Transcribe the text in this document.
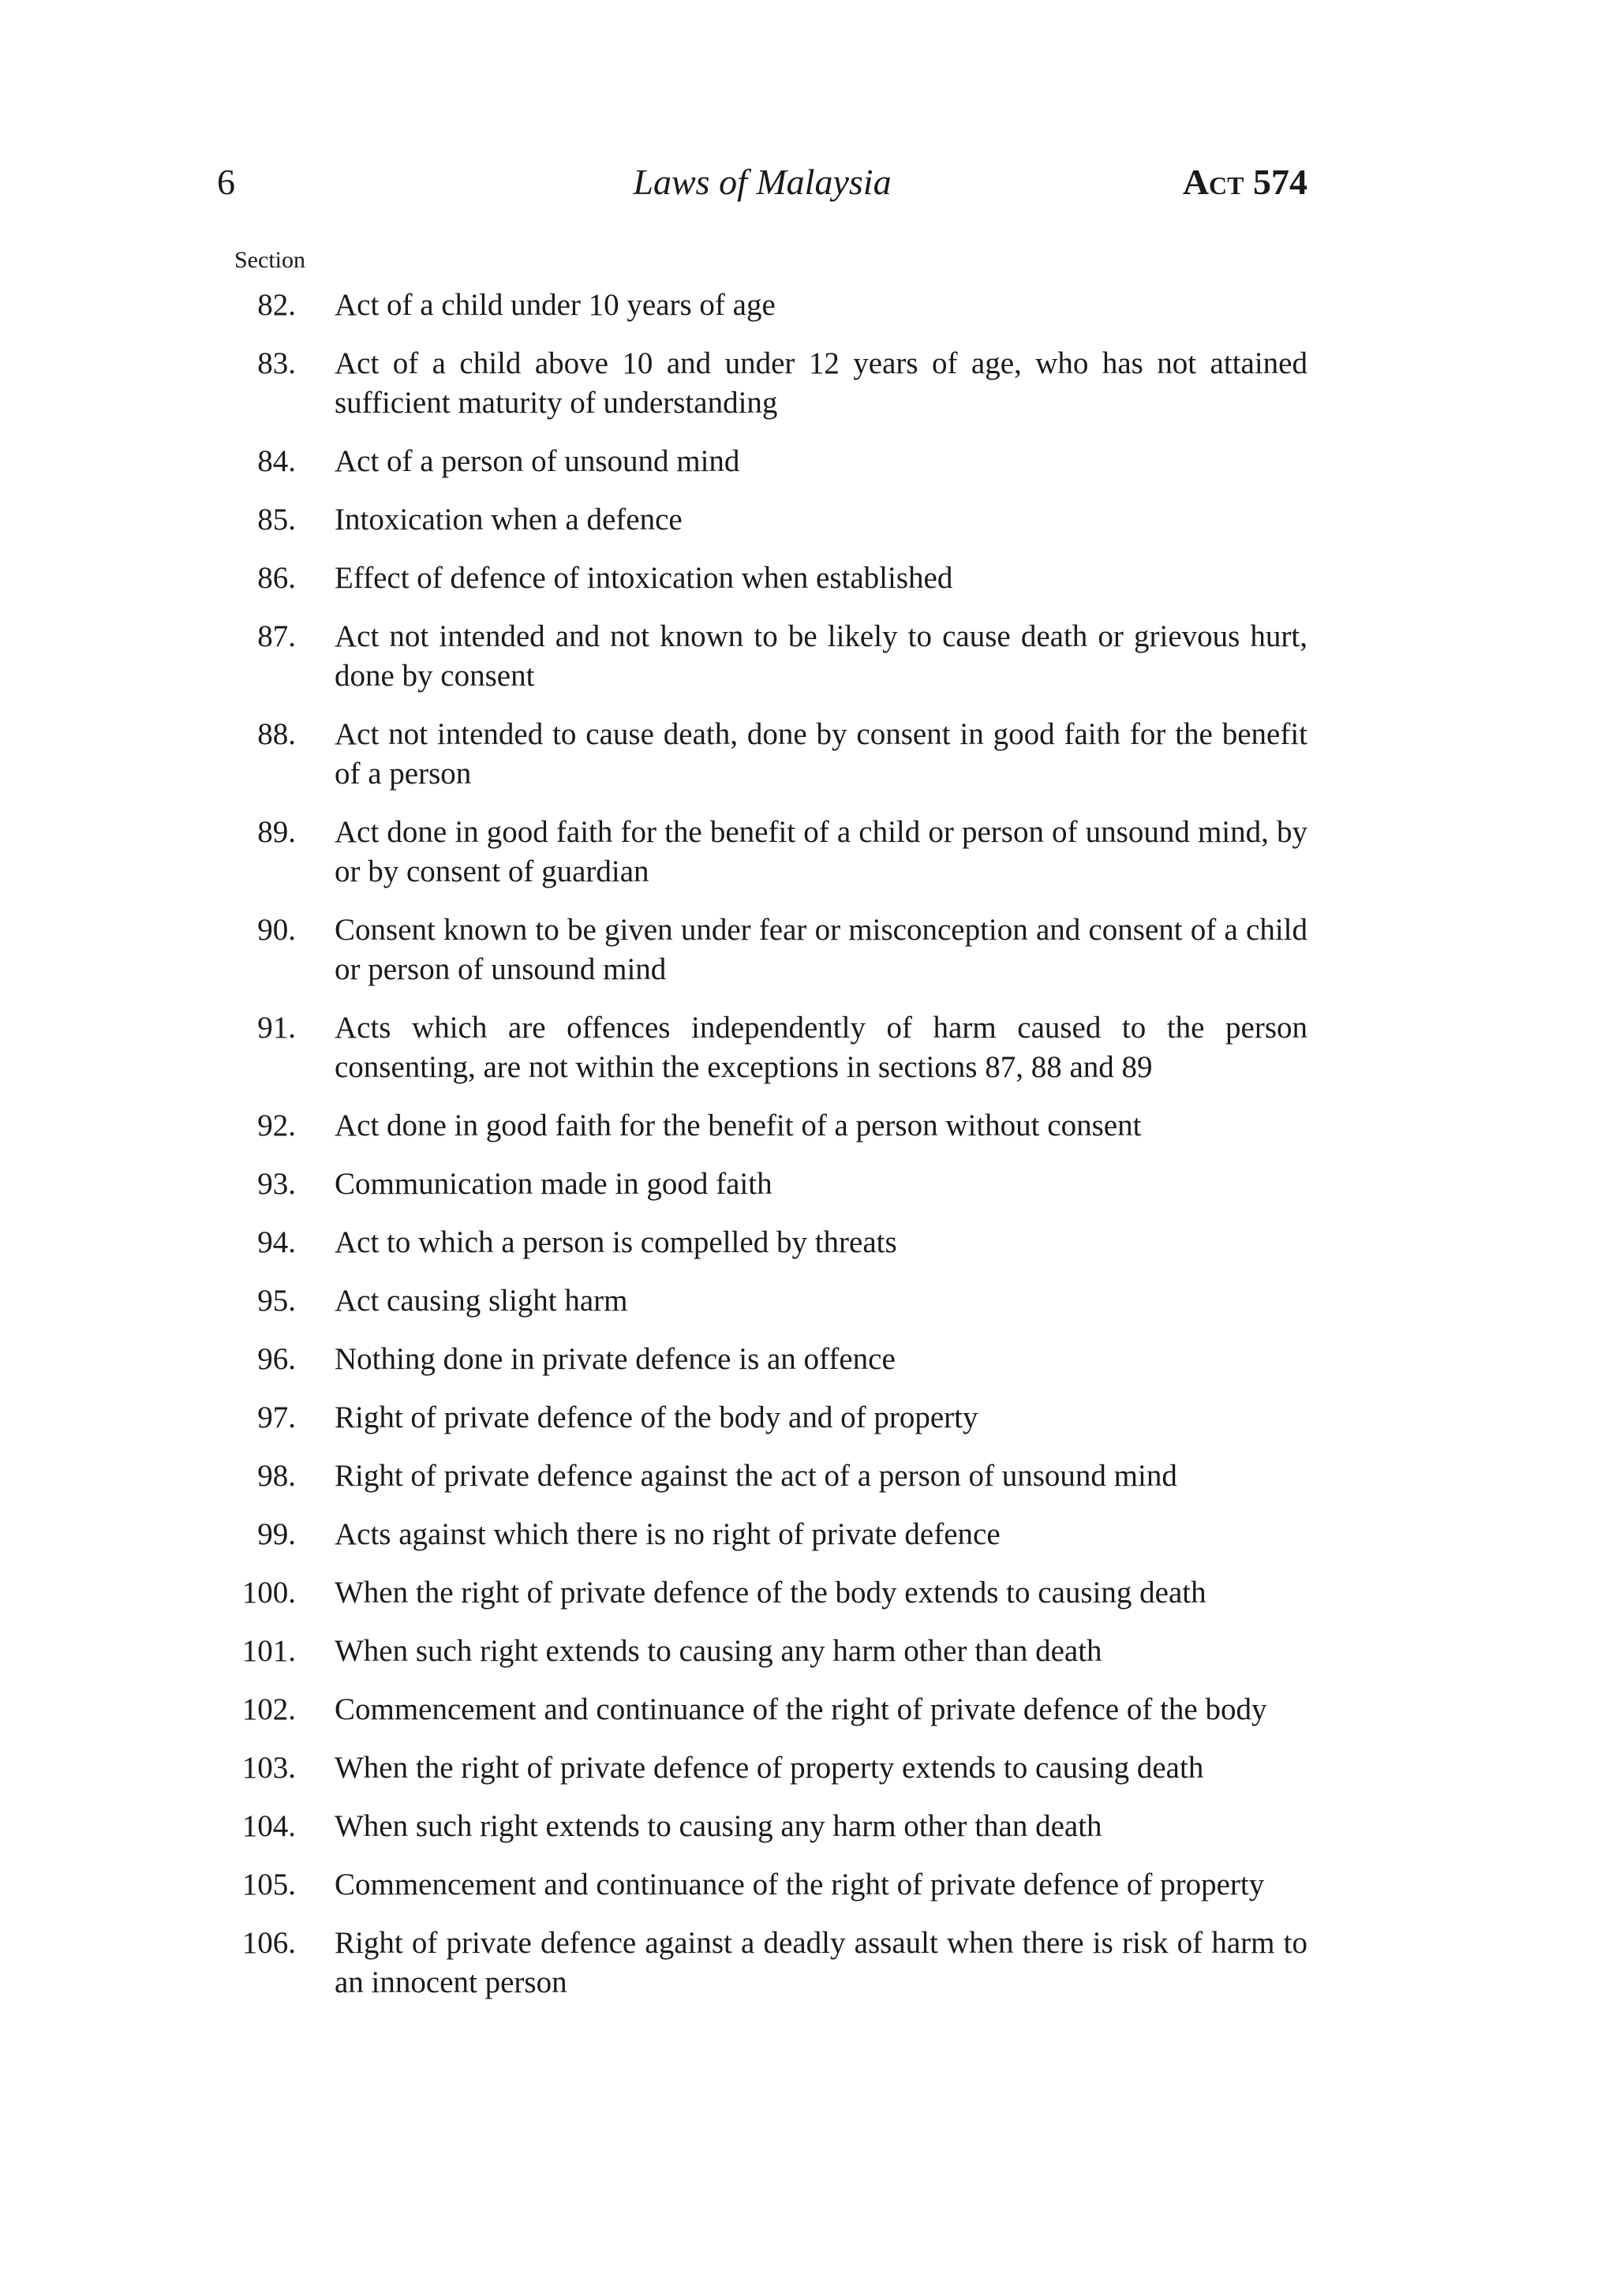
6	Laws of Malaysia	Act 574
Section
82. Act of a child under 10 years of age
83. Act of a child above 10 and under 12 years of age, who has not attained sufficient maturity of understanding
84. Act of a person of unsound mind
85. Intoxication when a defence
86. Effect of defence of intoxication when established
87. Act not intended and not known to be likely to cause death or grievous hurt, done by consent
88. Act not intended to cause death, done by consent in good faith for the benefit of a person
89. Act done in good faith for the benefit of a child or person of unsound mind, by or by consent of guardian
90. Consent known to be given under fear or misconception and consent of a child or person of unsound mind
91. Acts which are offences independently of harm caused to the person consenting, are not within the exceptions in sections 87, 88 and 89
92. Act done in good faith for the benefit of a person without consent
93. Communication made in good faith
94. Act to which a person is compelled by threats
95. Act causing slight harm
96. Nothing done in private defence is an offence
97. Right of private defence of the body and of property
98. Right of private defence against the act of a person of unsound mind
99. Acts against which there is no right of private defence
100. When the right of private defence of the body extends to causing death
101. When such right extends to causing any harm other than death
102. Commencement and continuance of the right of private defence of the body
103. When the right of private defence of property extends to causing death
104. When such right extends to causing any harm other than death
105. Commencement and continuance of the right of private defence of property
106. Right of private defence against a deadly assault when there is risk of harm to an innocent person
